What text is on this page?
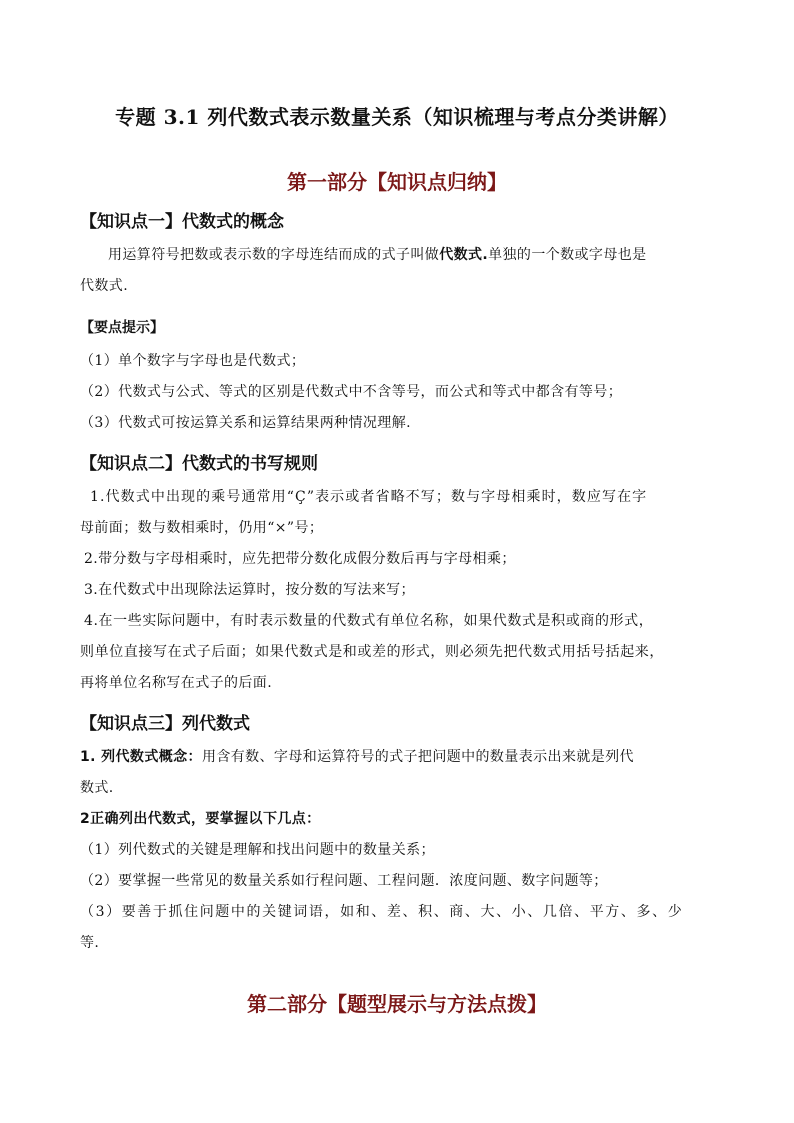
专题 3.1 列代数式表示数量关系（知识梳理与考点分类讲解）
第一部分【知识点归纳】
【知识点一】代数式的概念
用运算符号把数或表示数的字母连结而成的式子叫做代数式.单独的一个数或字母也是
代数式.
【要点提示】
（1）单个数字与字母也是代数式；
（2）代数式与公式、等式的区别是代数式中不含等号，而公式和等式中都含有等号；
（3）代数式可按运算关系和运算结果两种情况理解.
【知识点二】代数式的书写规则
1.代数式中出现的乘号通常用“Ç”表示或者省略不写；数与字母相乘时，数应写在字
母前面；数与数相乘时，仍用“×”号；
2.带分数与字母相乘时，应先把带分数化成假分数后再与字母相乘；
3.在代数式中出现除法运算时，按分数的写法来写；
4.在一些实际问题中，有时表示数量的代数式有单位名称，如果代数式是积或商的形式，
则单位直接写在式子后面；如果代数式是和或差的形式，则必须先把代数式用括号括起来，
再将单位名称写在式子的后面.
【知识点三】列代数式
1. 列代数式概念：用含有数、字母和运算符号的式子把问题中的数量表示出来就是列代
数式.
2正确列出代数式，要掌握以下几点：
（1）列代数式的关键是理解和找出问题中的数量关系；
（2）要掌握一些常见的数量关系如行程问题、工程问题．浓度问题、数字问题等；
（3）要善于抓住问题中的关键词语，如和、差、积、商、大、小、几倍、平方、多、少
等.
第二部分【题型展示与方法点拨】
